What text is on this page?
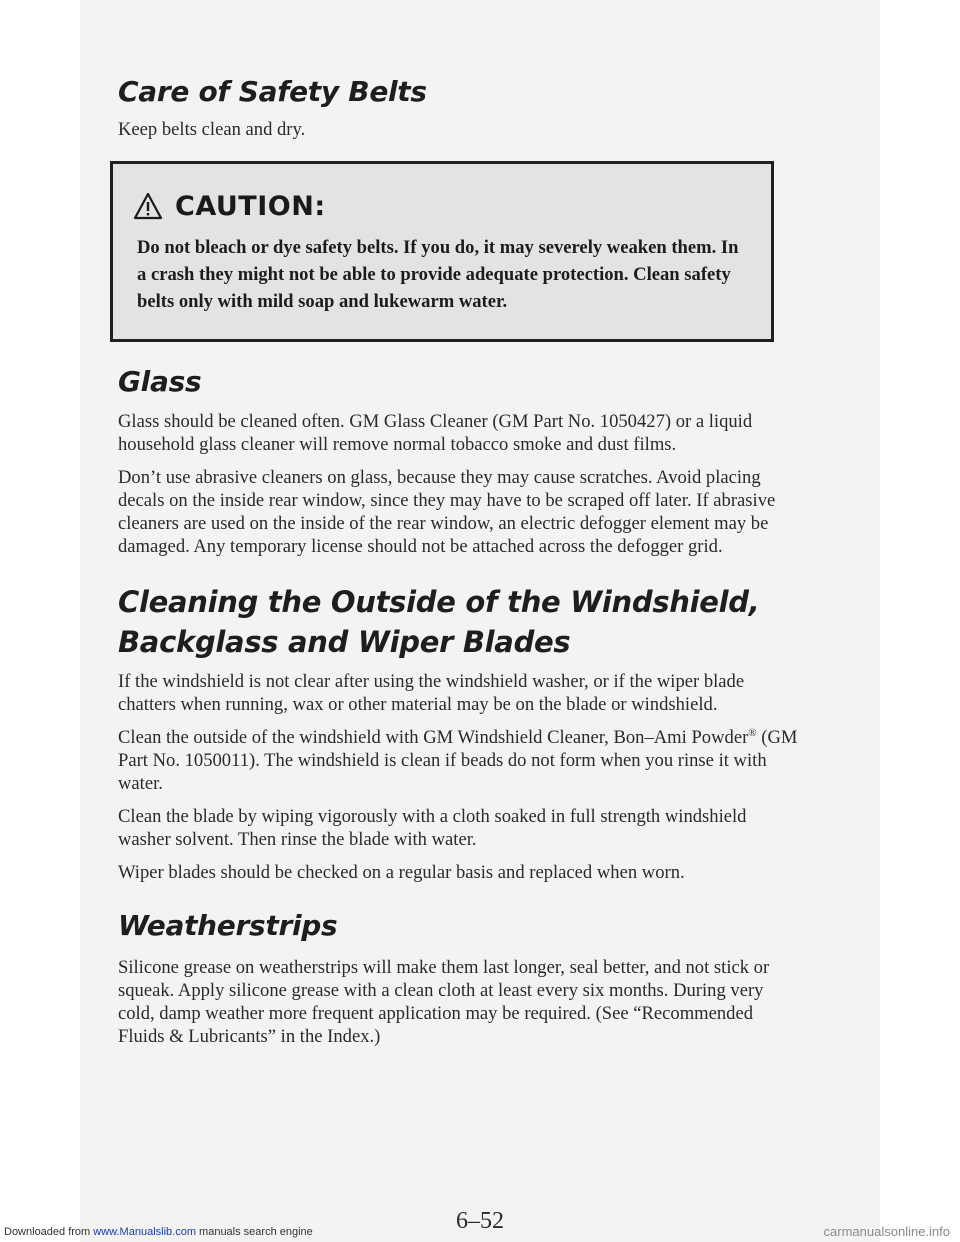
Care of Safety Belts

Keep belts clean and dry.

CAUTION:

Do not bleach or dye safety belts. If you do, it may severely weaken them. In a crash they might not be able to provide adequate protection. Clean safety belts only with mild soap and lukewarm water.

Glass

Glass should be cleaned often. GM Glass Cleaner (GM Part No. 1050427) or a liquid household glass cleaner will remove normal tobacco smoke and dust films.

Don’t use abrasive cleaners on glass, because they may cause scratches. Avoid placing decals on the inside rear window, since they may have to be scraped off later. If abrasive cleaners are used on the inside of the rear window, an electric defogger element may be damaged. Any temporary license should not be attached across the defogger grid.

Cleaning the Outside of the Windshield,
Backglass and Wiper Blades

If the windshield is not clear after using the windshield washer, or if the wiper blade chatters when running, wax or other material may be on the blade or windshield.

Clean the outside of the windshield with GM Windshield Cleaner, Bon–Ami Powder® (GM Part No. 1050011). The windshield is clean if beads do not form when you rinse it with water.

Clean the blade by wiping vigorously with a cloth soaked in full strength windshield washer solvent. Then rinse the blade with water.

Wiper blades should be checked on a regular basis and replaced when worn.

Weatherstrips

Silicone grease on weatherstrips will make them last longer, seal better, and not stick or squeak. Apply silicone grease with a clean cloth at least every six months. During very cold, damp weather more frequent application may be required. (See “Recommended Fluids & Lubricants” in the Index.)

6–52
Downloaded from www.Manualslib.com manuals search engine	carmanualsonline.info
